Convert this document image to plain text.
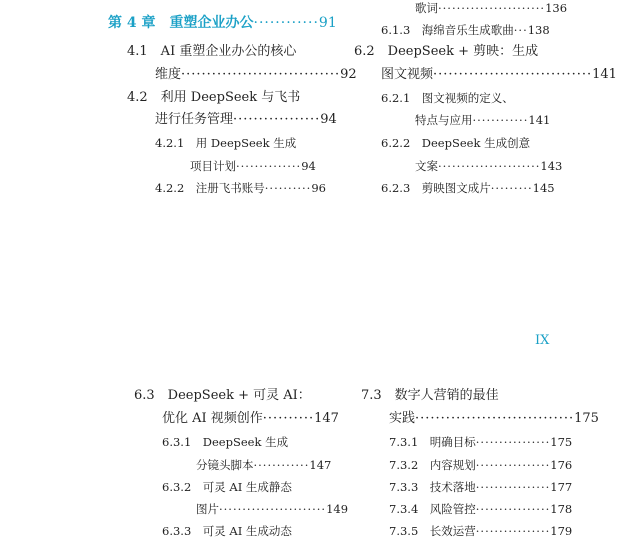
第 4 章　重塑企业办公············91
4.1　AI 重塑企业办公的核心
维度·······························92
4.2　利用 DeepSeek 与飞书
进行任务管理·················94
4.2.1　用 DeepSeek 生成
项目计划··············94
4.2.2　注册飞书账号··········96
歌词·······················136
6.1.3　海绵音乐生成歌曲···138
6.2　DeepSeek + 剪映：生成
图文视频·······························141
6.2.1　图文视频的定义、
特点与应用············141
6.2.2　DeepSeek 生成创意
文案······················143
6.2.3　剪映图文成片·········145
IX
6.3　DeepSeek + 可灵 AI：
优化 AI 视频创作··········147
6.3.1　DeepSeek 生成
分镜头脚本············147
6.3.2　可灵 AI 生成静态
图片·······················149
6.3.3　可灵 AI 生成动态
7.3　数字人营销的最佳
实践·······························175
7.3.1　明确目标················175
7.3.2　内容规划················176
7.3.3　技术落地················177
7.3.4　风险管控················178
7.3.5　长效运营················179
